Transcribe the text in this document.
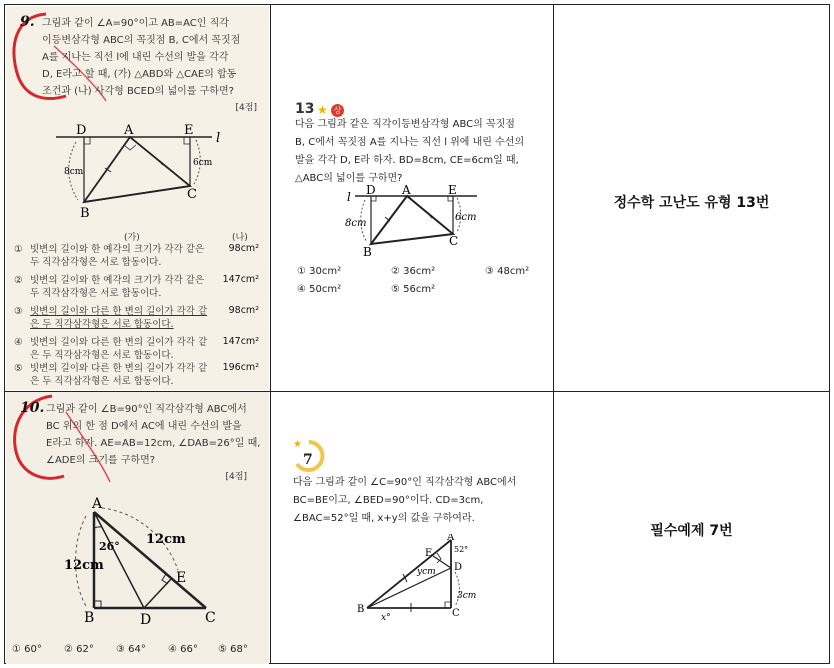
9. 그림과 같이 ∠A=90°이고 AB=AC인 직각
이등변삼각형 ABC의 꼭짓점 B, C에서 꼭짓점
A를 지나는 직선 l에 내린 수선의 발을 각각
D, E라고 할 때, (가) △ABD와 △CAE의 합동
조건과 (나) 사각형 BCED의 넓이를 구하면?
[4점]
D	A	E
l
B
C
8cm
6cm
(가)	(나)
① 빗변의 길이와 한 예각의 크기가 각각 같은 두 직각삼각형은 서로 합동이다.
98cm²
② 빗변의 길이와 한 예각의 크기가 각각 같은 두 직각삼각형은 서로 합동이다.
147cm²
③ 빗변의 길이와 다른 한 변의 길이가 각각 같은 두 직각삼각형은 서로 합동이다.
98cm²
④ 빗변의 길이와 다른 한 변의 길이가 각각 같은 두 직각삼각형은 서로 합동이다.
147cm²
⑤ 빗변의 길이와 다른 한 변의 길이가 각각 같은 두 직각삼각형은 서로 합동이다.
196cm²
13 ★ 상
다음 그림과 같은 직각이등변삼각형 ABC의 꼭짓점
B, C에서 꼭짓점 A를 지나는 직선 l 위에 내린 수선의
발을 각각 D, E라 하자. BD=8cm, CE=6cm일 때,
△ABC의 넓이를 구하면?
l D A	E
B
C
8cm
6cm
① 30cm²	② 36cm²	③ 48cm²
④ 50cm²	⑤ 56cm²
정수학 고난도 유형 13번
10. 그림과 같이 ∠B=90°인 직각삼각형 ABC에서
BC 위의 한 점 D에서 AC에 내린 수선의 발을
E라고 하자. AE=AB=12cm, ∠DAB=26°일 때,
∠ADE의 크기를 구하면?
[4점]
A
B	D	C
E
12cm
12cm
26°
① 60° ② 62° ③ 64° ④ 66° ⑤ 68°
★
7
다음 그림과 같이 ∠C=90°인 직각삼각형 ABC에서
BC=BE이고, ∠BED=90°이다. CD=3cm,
∠BAC=52°일 때, x+y의 값을 구하여라.
A
E
D
B	C
52°
ycm
3cm
x°
필수예제 7번
